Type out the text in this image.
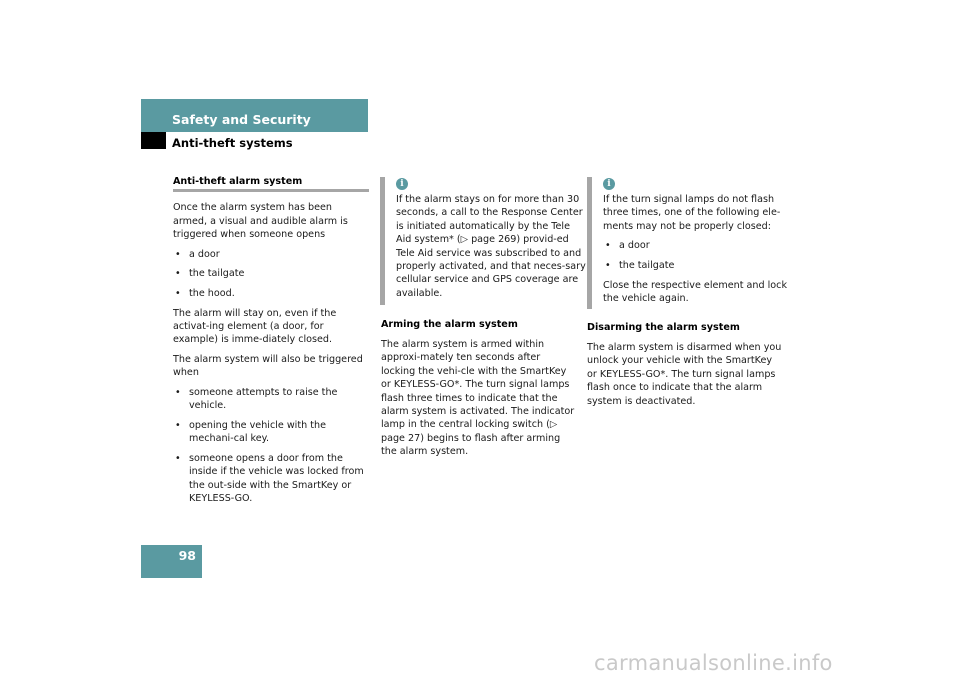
Safety and Security
Anti-theft systems
Anti-theft alarm system

Once the alarm system has been armed, a visual and audible alarm is triggered when someone opens

• a door
• the tailgate
• the hood.

The alarm will stay on, even if the activat-ing element (a door, for example) is imme-diately closed.

The alarm system will also be triggered when

• someone attempts to raise the vehicle.
• opening the vehicle with the mechani-cal key.
• someone opens a door from the inside if the vehicle was locked from the out-side with the SmartKey or KEYLESS-GO.
i

If the alarm stays on for more than 30 seconds, a call to the Response Center is initiated automatically by the Tele Aid system* (▷ page 269) provid-ed Tele Aid service was subscribed to and properly activated, and that neces-sary cellular service and GPS coverage are available.

Arming the alarm system

The alarm system is armed within approxi-mately ten seconds after locking the vehi-cle with the SmartKey or KEYLESS-GO*. The turn signal lamps flash three times to indicate that the alarm system is activated. The indicator lamp in the central locking switch (▷ page 27) begins to flash after arming the alarm system.

i

If the turn signal lamps do not flash three times, one of the following ele-ments may not be properly closed:

• a door
• the tailgate

Close the respective element and lock the vehicle again.

Disarming the alarm system

The alarm system is disarmed when you unlock your vehicle with the SmartKey or KEYLESS-GO*. The turn signal lamps flash once to indicate that the alarm system is deactivated.

98
carmanualsonline.info
